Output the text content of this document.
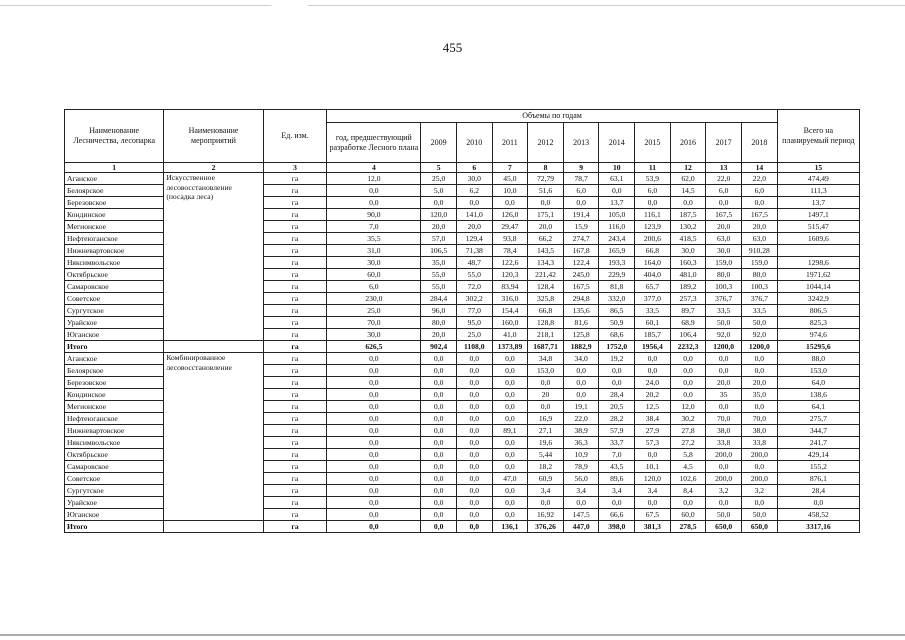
455
Наименование Лесничества, лесопарка	Наименование мероприятий	Ед. изм.	Объемы по годам											Всего на планируемый период
			год, предшествующий разработке Лесного плана	2009	2010	2011	2012	2013	2014	2015	2016	2017	2018	
1	2	3	4	5	6	7	8	9	10	11	12	13	14	15
Аганское	Искусственное лесовосстановление (посадка леса)	га	12,0	25,0	30,0	45,0	72,79	78,7	63,1	53,9	62,0	22,0	22,0	474,49
Белоярское		га	0,0	5,0	6,2	10,0	51,6	6,0	0,0	6,0	14,5	6,0	6,0	111,3
Березовское		га	0,0	0,0	0,0	0,0	0,0	0,0	13,7	0,0	0,0	0,0	0,0	13,7
Кондинское		га	90,0	120,0	141,0	126,0	175,1	191,4	105,0	116,1	187,5	167,5	167,5	1497,1
Мегионское		га	7,0	20,0	20,0	29,47	20,0	15,9	116,0	123,9	130,2	20,0	20,0	515,47
Нефтеюганское		га	35,5	57,0	129,4	93,8	66,2	274,7	243,4	200,6	418,5	63,0	63,0	1609,6
Нижневартовское		га	31,0	106,5	71,38	78,4	143,5	167,8	165,9	66,8	30,0	30,0	910,28	
Няксимвольское		га	30,0	35,0	48,7	122,6	134,3	122,4	193,3	164,0	160,3	159,0	159,0	1298,6
Октябрьское		га	60,0	55,0	55,0	120,3	221,42	245,0	229,9	404,0	481,0	80,0	80,0	1971,62
Самаровское		га	6,0	55,0	72,0	83,94	128,4	167,5	81,8	65,7	189,2	100,3	100,3	1044,14
Советское		га	230,0	284,4	302,2	316,0	325,8	294,8	332,0	377,0	257,3	376,7	376,7	3242,9
Сургутское		га	25,0	96,0	77,0	154,4	66,8	135,6	86,5	33,5	89,7	33,5	33,5	806,5
Урайское		га	70,0	80,0	95,0	160,0	128,8	81,6	50,9	60,1	68,9	50,0	50,0	825,3
Юганское		га	30,0	20,0	25,0	41,0	218,1	125,8	68,6	185,7	106,4	92,0	92,0	974,6
Итого		га	626,5	902,4	1108,0	1373,89	1687,71	1882,9	1752,0	1956,4	2232,3	1200,0	1200,0	15295,6
Аганское	Комбинированное лесовосстановление	га	0,0	0,0	0,0	0,0	34,8	34,0	19,2	0,0	0,0	0,0	0,0	88,0
Белоярское		га	0,0	0,0	0,0	0,0	153,0	0,0	0,0	0,0	0,0	0,0	0,0	153,0
Березовское		га	0,0	0,0	0,0	0,0	0,0	0,0	0,0	24,0	0,0	20,0	20,0	64,0
Кондинское		га	0,0	0,0	0,0	0,0	20	0,0	28,4	20,2	0,0	35	35,0	138,6
Мегионское		га	0,0	0,0	0,0	0,0	0,0	19,1	20,5	12,5	12,0	0,0	0,0	64,1
Нефтеюганское		га	0,0	0,0	0,0	0,0	16,9	22,0	28,2	38,4	30,2	70,0	70,0	275,7
Нижневартовское		га	0,0	0,0	0,0	89,1	27,1	38,9	57,9	27,9	27,8	38,0	38,0	344,7
Няксимвольское		га	0,0	0,0	0,0	0,0	19,6	36,3	33,7	57,3	27,2	33,8	33,8	241,7
Октябрьское		га	0,0	0,0	0,0	0,0	5,44	10,9	7,0	0,0	5,8	200,0	200,0	429,14
Самаровское		га	0,0	0,0	0,0	0,0	18,2	78,9	43,5	10,1	4,5	0,0	0,0	155,2
Советское		га	0,0	0,0	0,0	47,0	60,9	56,0	89,6	120,0	102,6	200,0	200,0	876,1
Сургутское		га	0,0	0,0	0,0	0,0	3,4	3,4	3,4	3,4	8,4	3,2	3,2	28,4
Урайское		га	0,0	0,0	0,0	0,0	0,0	0,0	0,0	0,0	0,0	0,0	0,0	0,0
Юганское		га	0,0	0,0	0,0	0,0	16,92	147,5	66,6	67,5	60,0	50,0	50,0	458,52
Итого		га	0,0	0,0	0,0	136,1	376,26	447,0	398,0	381,3	278,5	650,0	650,0	3317,16
